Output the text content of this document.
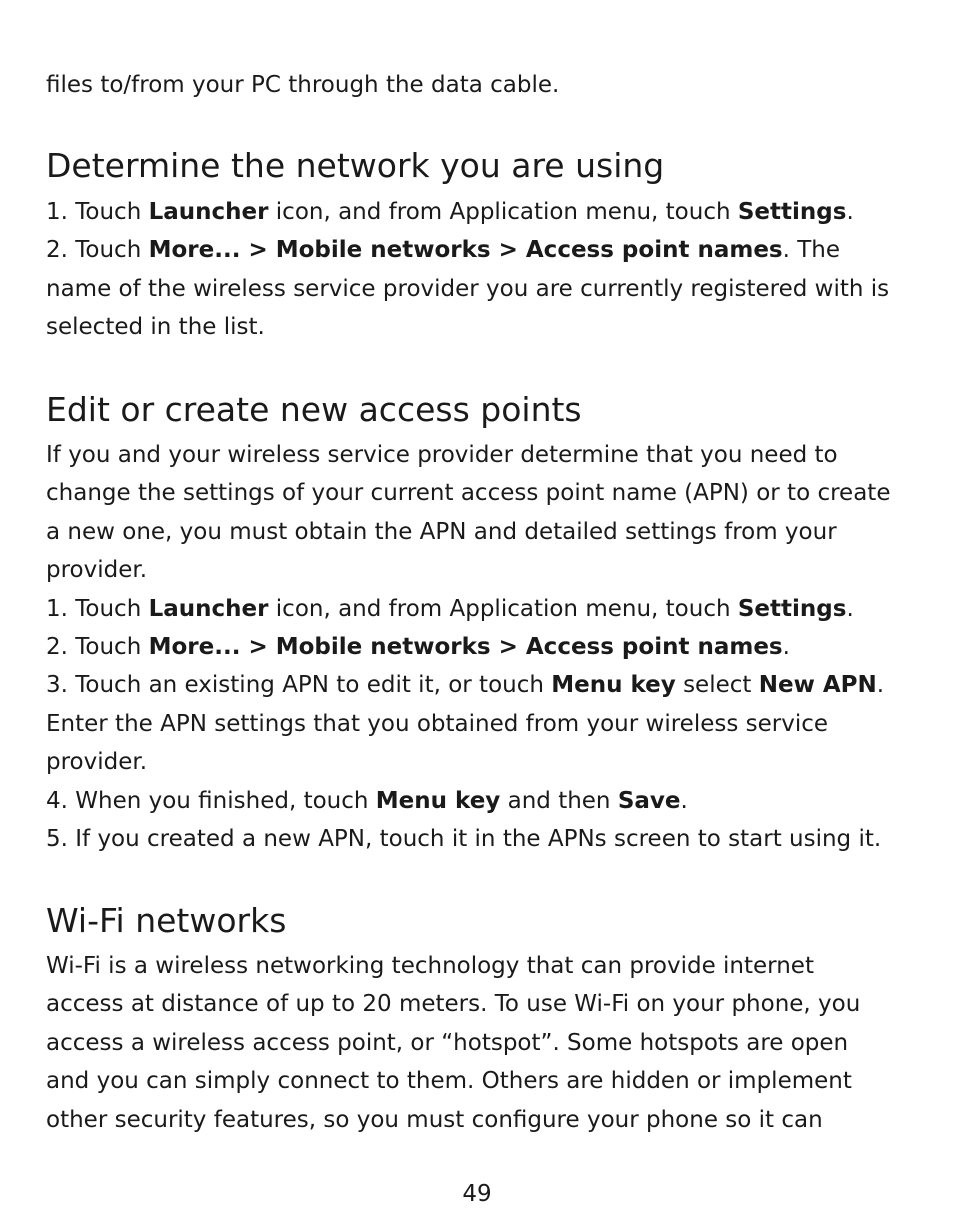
files to/from your PC through the data cable.

Determine the network you are using

1. Touch Launcher icon, and from Application menu, touch Settings.
2. Touch More... > Mobile networks > Access point names. The
name of the wireless service provider you are currently registered with is
selected in the list.

Edit or create new access points

If you and your wireless service provider determine that you need to
change the settings of your current access point name (APN) or to create
a new one, you must obtain the APN and detailed settings from your
provider.
1. Touch Launcher icon, and from Application menu, touch Settings.
2. Touch More... > Mobile networks > Access point names.
3. Touch an existing APN to edit it, or touch Menu key select New APN.
Enter the APN settings that you obtained from your wireless service
provider.
4. When you finished, touch Menu key and then Save.
5. If you created a new APN, touch it in the APNs screen to start using it.

Wi-Fi networks

Wi-Fi is a wireless networking technology that can provide internet
access at distance of up to 20 meters. To use Wi-Fi on your phone, you
access a wireless access point, or “hotspot”. Some hotspots are open
and you can simply connect to them. Others are hidden or implement
other security features, so you must configure your phone so it can

49
